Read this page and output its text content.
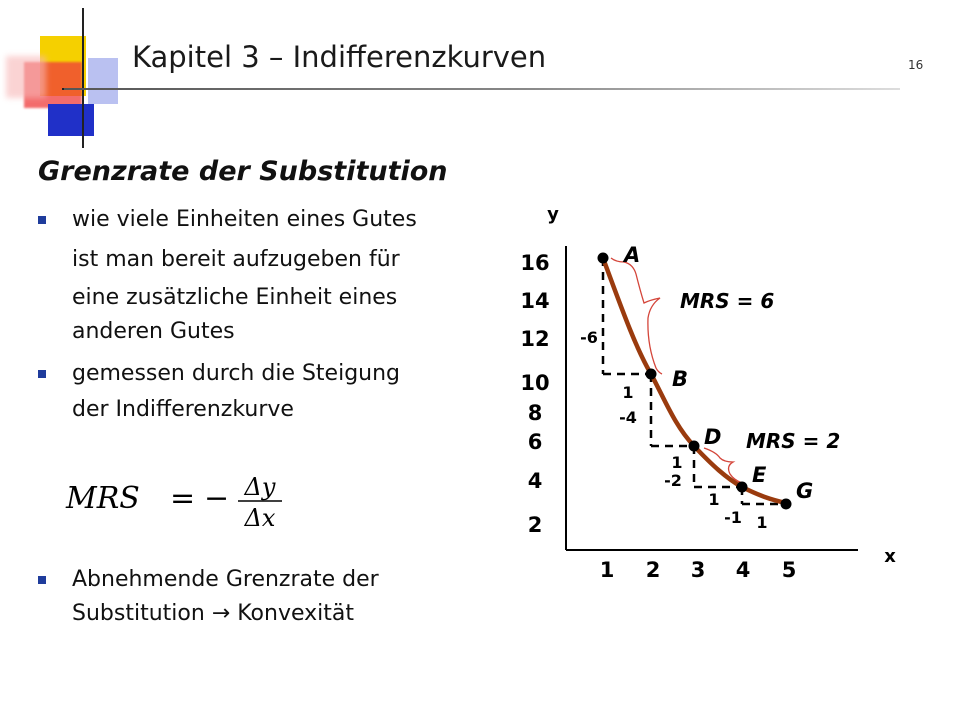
Kapitel 3 – Indifferenzkurven	16
Grenzrate der Substitution
wie viele Einheiten eines Gutes
ist man bereit aufzugeben für
eine zusätzliche Einheit eines
anderen Gutes
gemessen durch die Steigung
der Indifferenzkurve
MRS = − Δy
Δx
Abnehmende Grenzrate der
Substitution → Konvexität
y
x
16
14
12
10
8
6
4
2
1 2 3 4 5
A
B
D
E
G
-6
1
-4
1
-2
1
-1 1
MRS = 6
MRS = 2
